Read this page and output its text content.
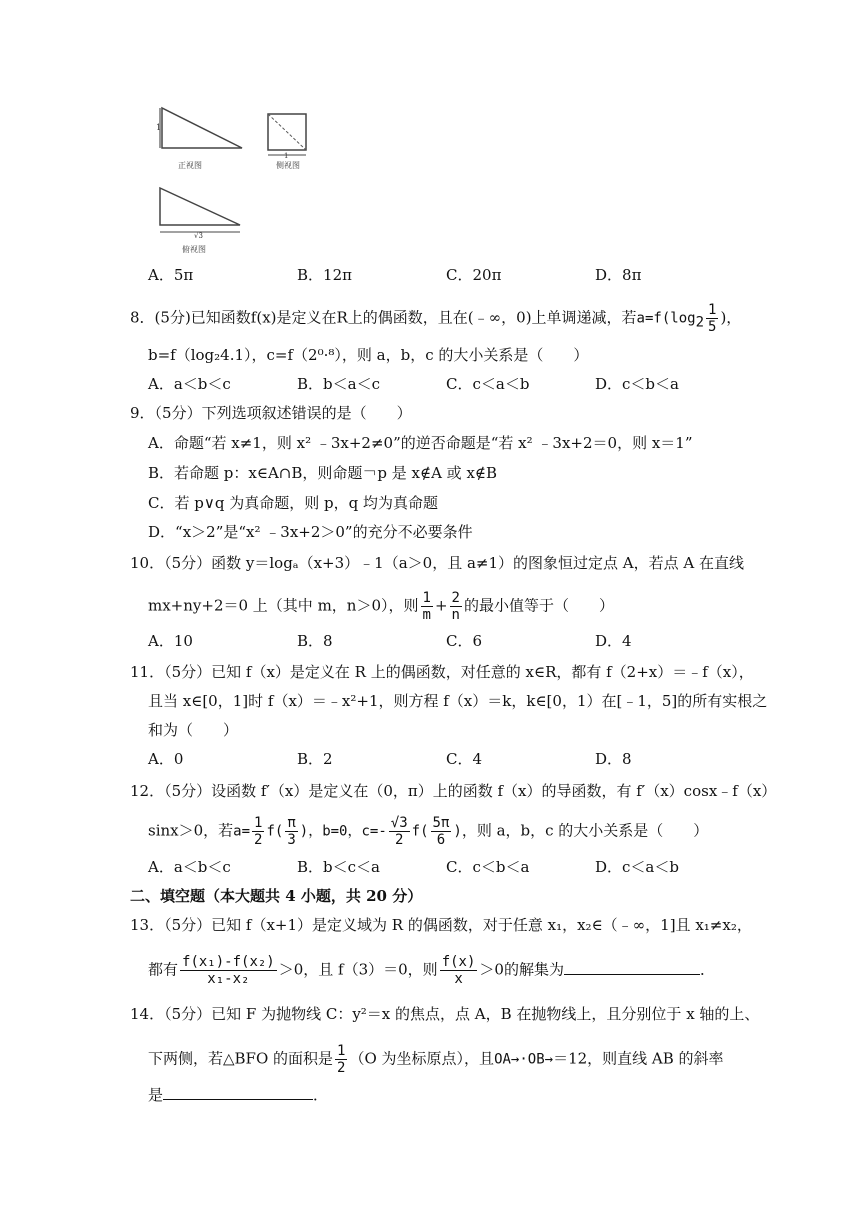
1
正视图
1
侧视图
√3
俯视图
A．5π	B．12π	C．20π	D．8π
8．(5分)已知函数f(x)是定义在R上的偶函数，且在(﹣∞，0)上单调递减，若$a=f(\log_2 \frac{1}{5}$ )，
b=f（log₂4.1），c=f（2⁰·⁸），则 a，b，c 的大小关系是（　　）
A．a＜b＜c	B．b＜a＜c	C．c＜a＜b	D．c＜b＜a
9．（5分）下列选项叙述错误的是（　　）
A．命题“若 x≠1，则 x² ﹣3x+2≠0”的逆否命题是“若 x² ﹣3x+2＝0，则 x＝1”
B．若命题 p：x∈A∩B，则命题￢p 是 x∉A 或 x∉B
C．若 p∨q 为真命题，则 p，q 均为真命题
D．“x＞2”是“x² ﹣3x+2＞0”的充分不必要条件
10．（5分）函数 y＝logₐ（x+3）﹣1（a＞0，且 a≠1）的图象恒过定点 A，若点 A 在直线
mx+ny+2＝0 上（其中 m，n＞0），则 $\frac{1}{m} + \frac{2}{n}$ 的最小值等于（　　）
A．10	B．8	C．6	D．4
11．（5分）已知 f（x）是定义在 R 上的偶函数，对任意的 x∈R，都有 f（2+x）＝﹣f（x），
且当 x∈[0，1]时 f（x）＝﹣x²+1，则方程 f（x）＝k，k∈[0，1）在[﹣1，5]的所有实根之
和为（　　）
A．0	B．2	C．4	D．8
12．（5分）设函数 f′（x）是定义在（0，π）上的函数 f（x）的导函数，有 f′（x）cosx﹣f（x）
sinx＞0，若$a= \frac{1}{2} f( \frac{\pi}{3}$ )，b=0，$c=- \frac{√3}{2} f( \frac{5\pi}{6}$ )，则 a，b，c 的大小关系是（　　）
A．a＜b＜c	B．b＜c＜a	C．c＜b＜a	D．c＜a＜b
二、填空题（本大题共 4 小题，共 20 分）
13．（5分）已知 f（x+1）是定义域为 R 的偶函数，对于任意 x₁，x₂∈（﹣∞，1]且 x₁≠x₂，
都有 $\frac{\text{f(x₁)-f(x₂)}}{\text{x₁-x₂}} >0$，且 f（3）＝0，则 $\frac{f(x)}{x} >0$的解集为	．
14．（5分）已知 F 为抛物线 C：y²＝x 的焦点，点 A，B 在抛物线上，且分别位于 x 轴的上、
下两侧，若△BFO 的面积是 $\frac{1}{2} (O$ 为坐标原点），且OA→·OB→＝12，则直线 AB 的斜率
是	．
